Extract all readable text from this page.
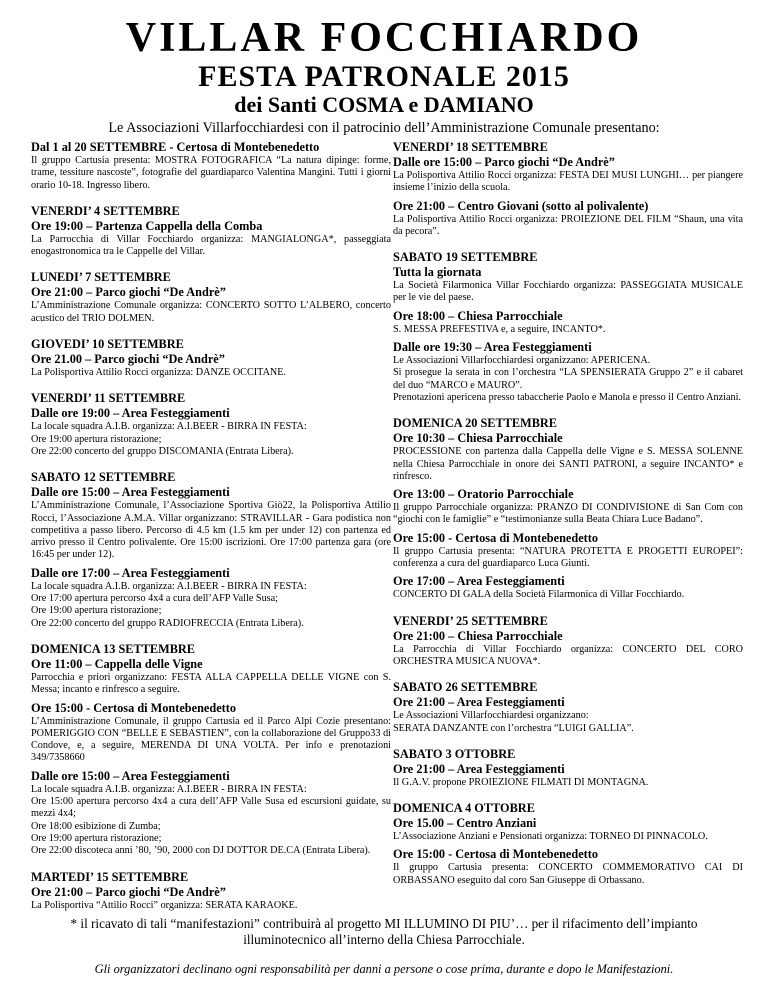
VILLAR FOCCHIARDO
FESTA PATRONALE 2015
dei Santi COSMA e DAMIANO
Le Associazioni Villarfocchiardesi con il patrocinio dell’Amministrazione Comunale presentano:
Dal 1 al 20 SETTEMBRE - Certosa di Montebenedetto
Il gruppo Cartusia presenta: MOSTRA FOTOGRAFICA “La natura dipinge: forme, trame, tessiture nascoste”, fotografie del guardiaparco Valentina Mangini. Tutti i giorni orario 10-18. Ingresso libero.
VENERDI’ 4 SETTEMBRE
Ore 19:00 – Partenza Cappella della Comba
La Parrocchia di Villar Focchiardo organizza: MANGIALONGA*, passeggiata enogastronomica tra le Cappelle del Villar.
LUNEDI’ 7 SETTEMBRE
Ore 21:00 – Parco giochi “De Andrè”
L’Amministrazione Comunale organizza: CONCERTO SOTTO L’ALBERO, concerto acustico del TRIO DOLMEN.
GIOVEDI’ 10 SETTEMBRE
Ore 21.00 – Parco giochi “De Andrè”
La Polisportiva Attilio Rocci organizza: DANZE OCCITANE.
VENERDI’ 11 SETTEMBRE
Dalle ore 19:00 – Area Festeggiamenti
La locale squadra A.I.B. organizza: A.I.BEER - BIRRA IN FESTA:
Ore 19:00 apertura ristorazione;
Ore 22:00 concerto del gruppo DISCOMANIA (Entrata Libera).
SABATO 12 SETTEMBRE
Dalle ore 15:00 – Area Festeggiamenti
L’Amministrazione Comunale, l’Associazione Sportiva Giò22, la Polisportiva Attilio Rocci, l’Associazione A.M.A. Villar organizzano: STRAVILLAR - Gara podistica non competitiva a passo libero. Percorso di 4.5 km (1.5 km per under 12) con partenza ed arrivo presso il Centro polivalente. Ore 15:00 iscrizioni. Ore 17:00 partenza gara (ore 16:45 per under 12).
Dalle ore 17:00 – Area Festeggiamenti
La locale squadra A.I.B. organizza: A.I.BEER - BIRRA IN FESTA:
Ore 17:00 apertura percorso 4x4 a cura dell’AFP Valle Susa;
Ore 19:00 apertura ristorazione;
Ore 22:00 concerto del gruppo RADIOFRECCIA (Entrata Libera).
DOMENICA 13 SETTEMBRE
Ore 11:00 – Cappella delle Vigne
Parrocchia e priori organizzano: FESTA ALLA CAPPELLA DELLE VIGNE con S. Messa; incanto e rinfresco a seguire.
Ore 15:00 - Certosa di Montebenedetto
L’Amministrazione Comunale, il gruppo Cartusia ed il Parco Alpi Cozie presentano: POMERIGGIO CON “BELLE E SEBASTIEN”, con la collaborazione del Gruppo33 di Condove, e, a seguire, MERENDA DI UNA VOLTA. Per info e prenotazioni 349/7358660
Dalle ore 15:00 – Area Festeggiamenti
La locale squadra A.I.B. organizza: A.I.BEER - BIRRA IN FESTA:
Ore 15:00 apertura percorso 4x4 a cura dell’AFP Valle Susa ed escursioni guidate, su mezzi 4x4;
Ore 18:00 esibizione di Zumba;
Ore 19:00 apertura ristorazione;
Ore 22:00 discoteca anni ’80, ’90, 2000 con DJ DOTTOR DE.CA (Entrata Libera).
MARTEDI’ 15 SETTEMBRE
Ore 21:00 – Parco giochi “De Andrè”
La Polisportiva “Attilio Rocci” organizza: SERATA KARAOKE.
VENERDI’ 18 SETTEMBRE
Dalle ore 15:00 – Parco giochi “De Andrè”
La Polisportiva Attilio Rocci organizza: FESTA DEI MUSI LUNGHI… per piangere insieme l’inizio della scuola.
Ore 21:00 – Centro Giovani (sotto al polivalente)
La Polisportiva Attilio Rocci organizza: PROIEZIONE DEL FILM “Shaun, una vita da pecora”.
SABATO 19 SETTEMBRE
Tutta la giornata
La Società Filarmonica Villar Focchiardo organizza: PASSEGGIATA MUSICALE per le vie del paese.
Ore 18:00 – Chiesa Parrocchiale
S. MESSA PREFESTIVA e, a seguire, INCANTO*.
Dalle ore 19:30 – Area Festeggiamenti
Le Associazioni Villarfocchiardesi organizzano: APERICENA.
Si prosegue la serata in con l’orchestra “LA SPENSIERATA Gruppo 2” e il cabaret del duo “MARCO e MAURO”.
Prenotazioni apericena presso tabaccherie Paolo e Manola e presso il Centro Anziani.
DOMENICA 20 SETTEMBRE
Ore 10:30 – Chiesa Parrocchiale
PROCESSIONE con partenza dalla Cappella delle Vigne e S. MESSA SOLENNE nella Chiesa Parrocchiale in onore dei SANTI PATRONI, a seguire INCANTO* e rinfresco.
Ore 13:00 – Oratorio Parrocchiale
Il gruppo Parrocchiale organizza: PRANZO DI CONDIVISIONE di San Com con “giochi con le famiglie” e “testimonianze sulla Beata Chiara Luce Badano”.
Ore 15:00 - Certosa di Montebenedetto
Il gruppo Cartusia presenta: “NATURA PROTETTA E PROGETTI EUROPEI”: conferenza a cura del guardiaparco Luca Giunti.
Ore 17:00 – Area Festeggiamenti
CONCERTO DI GALA della Società Filarmonica di Villar Focchiardo.
VENERDI’ 25 SETTEMBRE
Ore 21:00 – Chiesa Parrocchiale
La Parrocchia di Villar Focchiardo organizza: CONCERTO DEL CORO ORCHESTRA MUSICA NUOVA*.
SABATO 26 SETTEMBRE
Ore 21:00 – Area Festeggiamenti
Le Associazioni Villarfocchiardesi organizzano:
SERATA DANZANTE con l’orchestra “LUIGI GALLIA”.
SABATO 3 OTTOBRE
Ore 21:00 – Area Festeggiamenti
Il G.A.V. propone PROIEZIONE FILMATI DI MONTAGNA.
DOMENICA 4 OTTOBRE
Ore 15.00 – Centro Anziani
L’Associazione Anziani e Pensionati organizza: TORNEO DI PINNACOLO.
Ore 15:00 - Certosa di Montebenedetto
Il gruppo Cartusia presenta: CONCERTO COMMEMORATIVO CAI DI ORBASSANO eseguito dal coro San Giuseppe di Orbassano.
* il ricavato di tali “manifestazioni” contribuirà al progetto MI ILLUMINO DI PIU’… per il rifacimento dell’impianto illuminotecnico all’interno della Chiesa Parrocchiale.
Gli organizzatori declinano ogni responsabilità per danni a persone o cose prima, durante e dopo le Manifestazioni.
